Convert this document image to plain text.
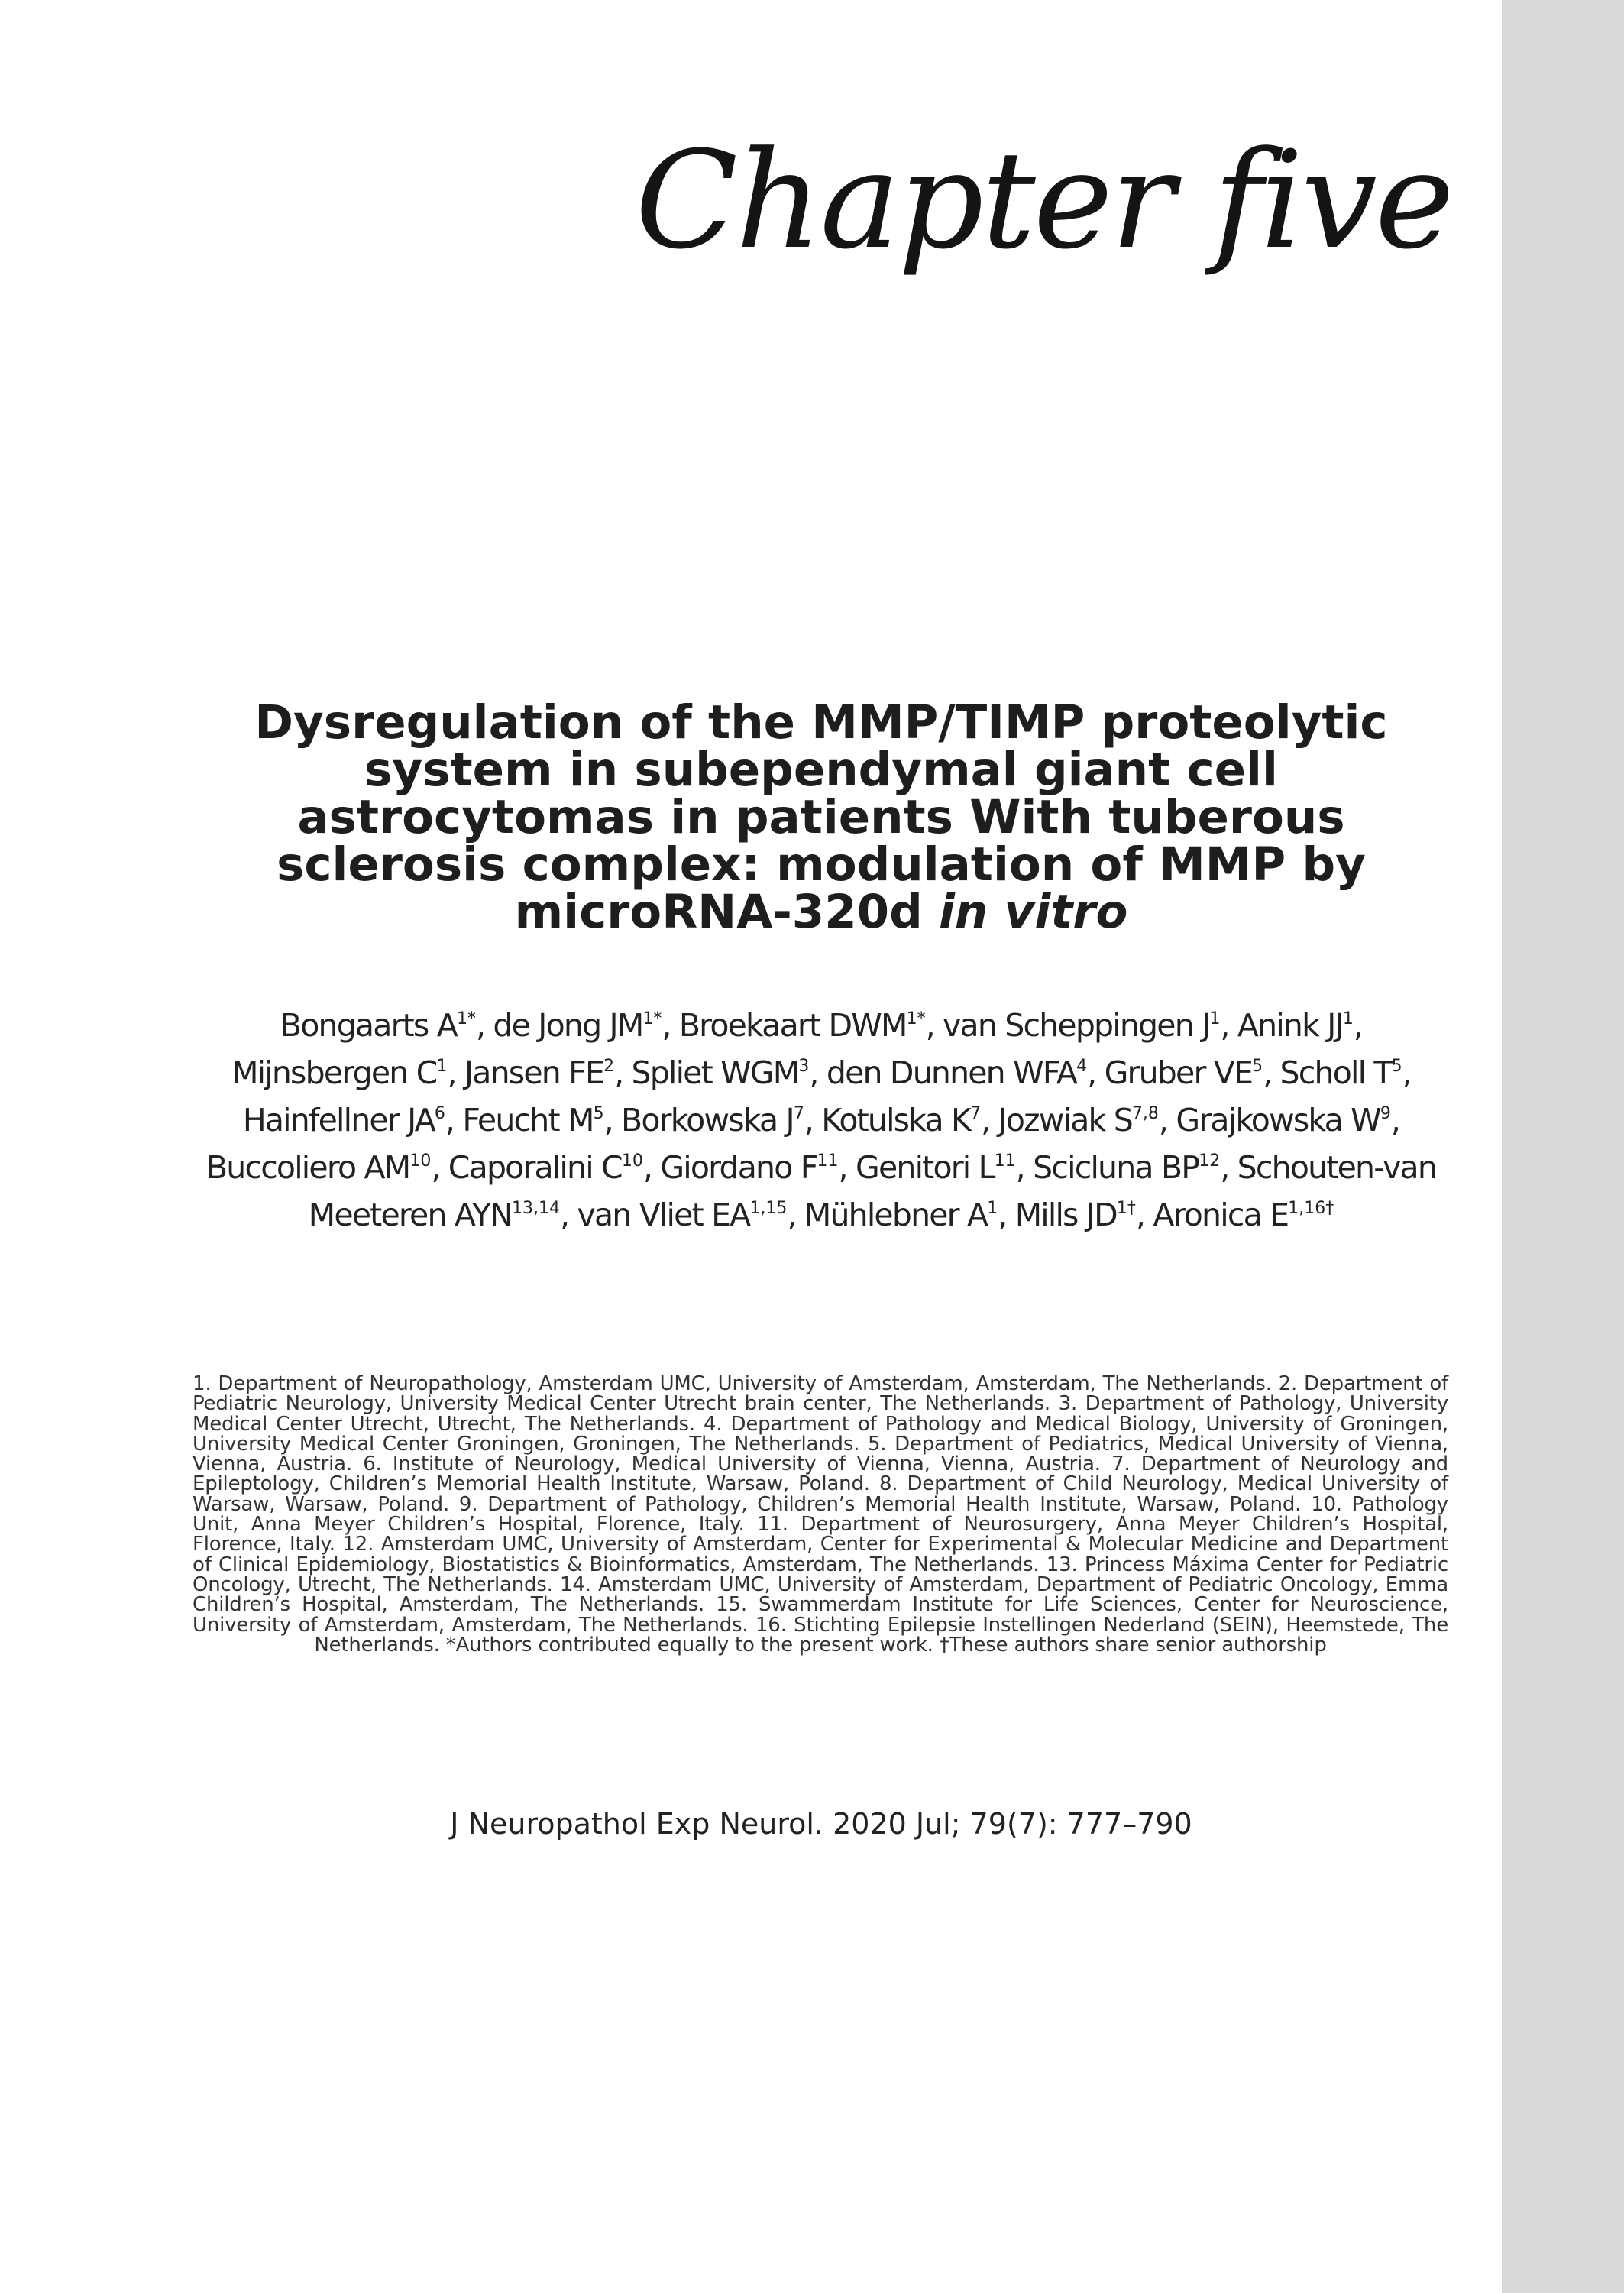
Chapter five
Dysregulation of the MMP/TIMP proteolytic
system in subependymal giant cell
astrocytomas in patients With tuberous
sclerosis complex: modulation of MMP by
microRNA-320d in vitro
Bongaarts $A^{1*}$, de Jong $JM^{1*}$, Broekaart $DWM^{1*}$, van Scheppingen $J^1$, Anink $JJ^1$,
Mijnsbergen $C^1$, Jansen $FE^2$, Spliet WGM$^3$, den Dunnen WFA$^4$, Gruber $VE^5$, Scholl $T^5$,
Hainfellner $JA^6$, Feucht $M^5$, Borkowska $J^7$, Kotulska $K^7$, Jozwiak S$^{7,8}$, Grajkowska $W^9$,
Buccoliero AM$^{10}$, Caporalini $C^{10}$, Giordano $F^{11}$, Genitori $L^{11}$, Scicluna BP$^{12}$, Schouten-van
Meeteren AYN$^{13,14}$, van Vliet EA$^{1,15}$, Mühlebner $A^1$, Mills $JD^{1\dagger}$, Aronica $E^{1,16\dagger}$

1. Department of Neuropathology, Amsterdam UMC, University of Amsterdam, Amsterdam, The Netherlands. 2. Department of Pediatric Neurology, University Medical Center Utrecht brain center, The Netherlands. 3. Department of Pathology, University Medical Center Utrecht, Utrecht, The Netherlands. 4. Department of Pathology and Medical Biology, University of Groningen, University Medical Center Groningen, Groningen, The Netherlands. 5. Department of Pediatrics, Medical University of Vienna, Vienna, Austria. 6. Institute of Neurology, Medical University of Vienna, Vienna, Austria. 7. Department of Neurology and Epileptology, Children’s Memorial Health Institute, Warsaw, Poland. 8. Department of Child Neurology, Medical University of Warsaw, Warsaw, Poland. 9. Department of Pathology, Children’s Memorial Health Institute, Warsaw, Poland. 10. Pathology Unit, Anna Meyer Children’s Hospital, Florence, Italy. 11. Department of Neurosurgery, Anna Meyer Children’s Hospital, Florence, Italy. 12. Amsterdam UMC, University of Amsterdam, Center for Experimental & Molecular Medicine and Department of Clinical Epidemiology, Biostatistics & Bioinformatics, Amsterdam, The Netherlands. 13. Princess Máxima Center for Pediatric Oncology, Utrecht, The Netherlands. 14. Amsterdam UMC, University of Amsterdam, Department of Pediatric Oncology, Emma Children’s Hospital, Amsterdam, The Netherlands. 15. Swammerdam Institute for Life Sciences, Center for Neuroscience, University of Amsterdam, Amsterdam, The Netherlands. 16. Stichting Epilepsie Instellingen Nederland (SEIN), Heemstede, The Netherlands. *Authors contributed equally to the present work. †These authors share senior authorship

J Neuropathol Exp Neurol. 2020 Jul; 79(7): 777–790
